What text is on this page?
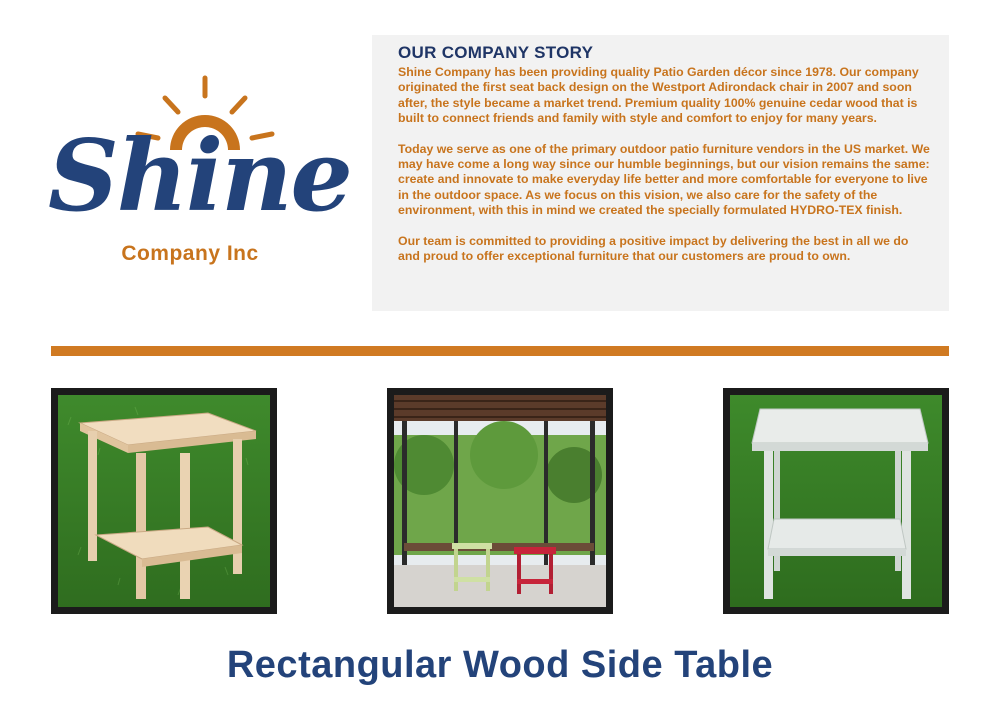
Shine
Company Inc
OUR COMPANY STORY

Shine Company has been providing quality Patio Garden décor since 1978. Our company originated the first seat back design on the Westport Adirondack chair in 2007 and soon after, the style became a market trend. Premium quality 100% genuine cedar wood that is built to connect friends and family with style and comfort to enjoy for many years.

Today we serve as one of the primary outdoor patio furniture vendors in the US market. We may have come a long way since our humble beginnings, but our vision remains the same: create and innovate to make everyday life better and more comfortable for everyone to live in the outdoor space. As we focus on this vision, we also care for the safety of the environment, with this in mind we created the specially formulated HYDRO-TEX finish.

Our team is committed to providing a positive impact by delivering the best in all we do and proud to offer exceptional furniture that our customers are proud to own.

Rectangular Wood Side Table
